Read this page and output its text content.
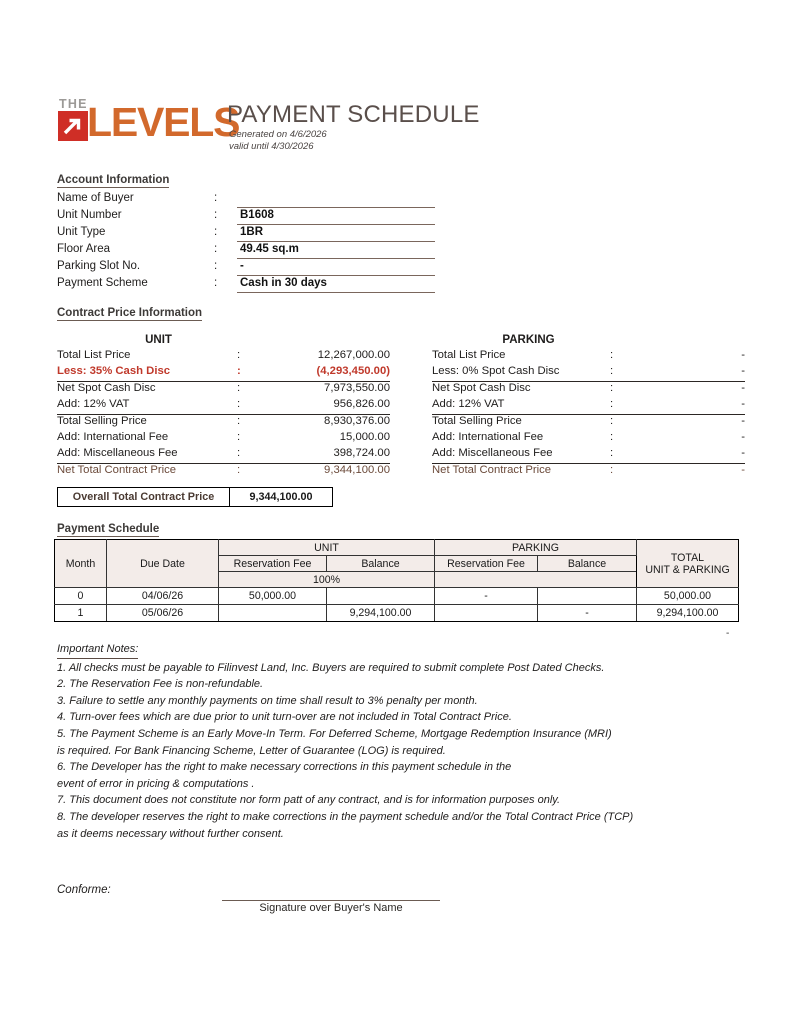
THE LEVELS
PAYMENT SCHEDULE
Generated on 4/6/2026
valid until 4/30/2026
Account Information
Name of Buyer	:
Unit Number	: B1608
Unit Type	: 1BR
Floor Area	: 49.45 sq.m
Parking Slot No.	: -
Payment Scheme	: Cash in 30 days
Contract Price Information
UNIT
Total List Price	:	12,267,000.00
Less: 35% Cash Disc	:	(4,293,450.00)
Net Spot Cash Disc	:	7,973,550.00
Add: 12% VAT	:	956,826.00
Total Selling Price	:	8,930,376.00
Add: International Fee	:	15,000.00
Add: Miscellaneous Fee	:	398,724.00
Net Total Contract Price	:	9,344,100.00
PARKING
Total List Price	:	-
Less: 0% Spot Cash Disc	:	-
Net Spot Cash Disc	:	-
Add: 12% VAT	:	-
Total Selling Price	:	-
Add: International Fee	:	-
Add: Miscellaneous Fee	:	-
Net Total Contract Price	:	-
Overall Total Contract Price	9,344,100.00
Payment Schedule
Month	Due Date	UNIT		PARKING		TOTAL
UNIT & PARKING

		Reservation Fee	Balance	Reservation Fee	Balance	
		100%				
0	04/06/26	50,000.00		-		50,000.00
1	05/06/26		9,294,100.00		-	9,294,100.00
-
Important Notes:
1. All checks must be payable to Filinvest Land, Inc. Buyers are required to submit complete Post Dated Checks.
2. The Reservation Fee is non-refundable.
3. Failure to settle any monthly payments on time shall result to 3% penalty per month.
4. Turn-over fees which are due prior to unit turn-over are not included in Total Contract Price.
5. The Payment Scheme is an Early Move-In Term. For Deferred Scheme, Mortgage Redemption Insurance (MRI)
is required. For Bank Financing Scheme, Letter of Guarantee (LOG) is required.
6. The Developer has the right to make necessary corrections in this payment schedule in the
event of error in pricing & computations .
7. This document does not constitute nor form patt of any contract, and is for information purposes only.
8. The developer reserves the right to make corrections in the payment schedule and/or the Total Contract Price (TCP)
as it deems necessary without further consent.
Conforme:
Signature over Buyer's Name
